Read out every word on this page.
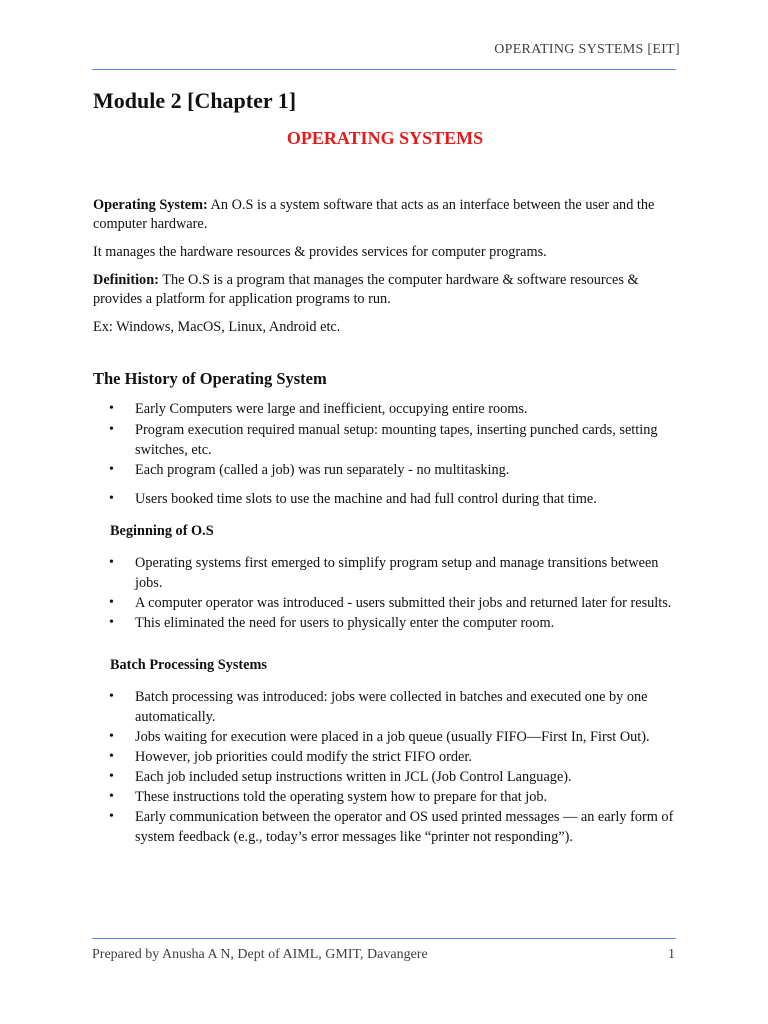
OPERATING SYSTEMS [EIT]
Module 2 [Chapter 1]
OPERATING SYSTEMS

Operating System: An O.S is a system software that acts as an interface between the user and the computer hardware.

It manages the hardware resources & provides services for computer programs.

Definition: The O.S is a program that manages the computer hardware & software resources & provides a platform for application programs to run.

Ex: Windows, MacOS, Linux, Android etc.

The History of Operating System
• Early Computers were large and inefficient, occupying entire rooms.
• Program execution required manual setup: mounting tapes, inserting punched cards, setting switches, etc.
• Each program (called a job) was run separately - no multitasking.
• Users booked time slots to use the machine and had full control during that time.
Beginning of O.S
• Operating systems first emerged to simplify program setup and manage transitions between jobs.
• A computer operator was introduced - users submitted their jobs and returned later for results.
• This eliminated the need for users to physically enter the computer room.
Batch Processing Systems
• Batch processing was introduced: jobs were collected in batches and executed one by one automatically.
• Jobs waiting for execution were placed in a job queue (usually FIFO—First In, First Out).
• However, job priorities could modify the strict FIFO order.
• Each job included setup instructions written in JCL (Job Control Language).
• These instructions told the operating system how to prepare for that job.
• Early communication between the operator and OS used printed messages — an early form of system feedback (e.g., today’s error messages like “printer not responding”).
Prepared by Anusha A N, Dept of AIML, GMIT, Davangere	1
